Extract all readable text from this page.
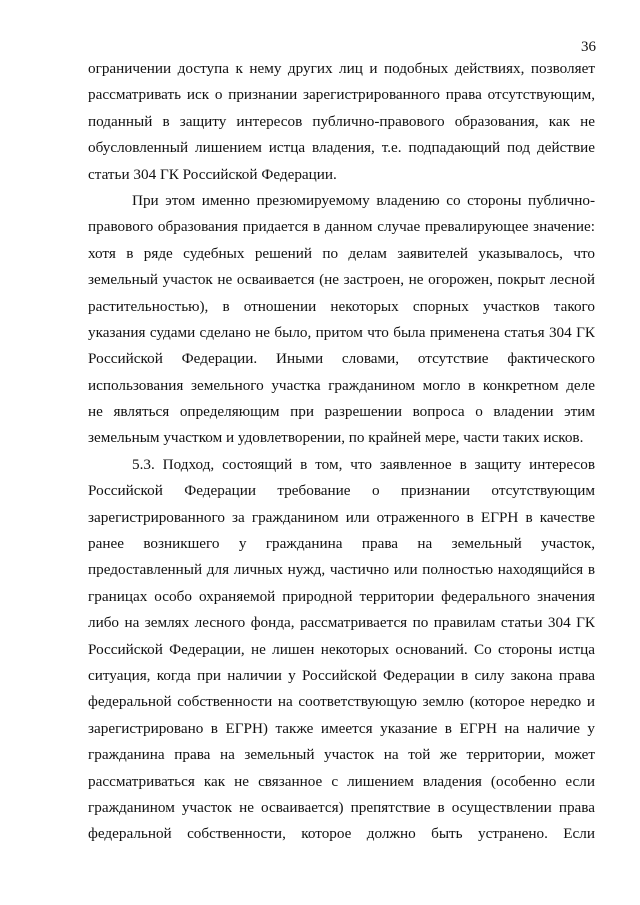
36
ограничении доступа к нему других лиц и подобных действиях, позволяет
рассматривать иск о признании зарегистрированного права отсутствующим,
поданный в защиту интересов публично-правового образования, как не
обусловленный лишением истца владения, т.е. подпадающий под действие
статьи 304 ГК Российской Федерации.
При этом именно презюмируемому владению со стороны публично-
правового образования придается в данном случае превалирующее значение:
хотя в ряде судебных решений по делам заявителей указывалось, что
земельный участок не осваивается (не застроен, не огорожен, покрыт лесной
растительностью), в отношении некоторых спорных участков такого
указания судами сделано не было, притом что была применена статья 304 ГК
Российской Федерации. Иными словами, отсутствие фактического
использования земельного участка гражданином могло в конкретном деле
не являться определяющим при разрешении вопроса о владении этим
земельным участком и удовлетворении, по крайней мере, части таких исков.
5.3. Подход, состоящий в том, что заявленное в защиту интересов
Российской Федерации требование о признании отсутствующим
зарегистрированного за гражданином или отраженного в ЕГРН в качестве
ранее возникшего у гражданина права на земельный участок,
предоставленный для личных нужд, частично или полностью находящийся в
границах особо охраняемой природной территории федерального значения
либо на землях лесного фонда, рассматривается по правилам статьи 304 ГК
Российской Федерации, не лишен некоторых оснований. Со стороны истца
ситуация, когда при наличии у Российской Федерации в силу закона права
федеральной собственности на соответствующую землю (которое нередко и
зарегистрировано в ЕГРН) также имеется указание в ЕГРН на наличие у
гражданина права на земельный участок на той же территории, может
рассматриваться как не связанное с лишением владения (особенно если
гражданином участок не осваивается) препятствие в осуществлении права
федеральной собственности, которое должно быть устранено. Если
